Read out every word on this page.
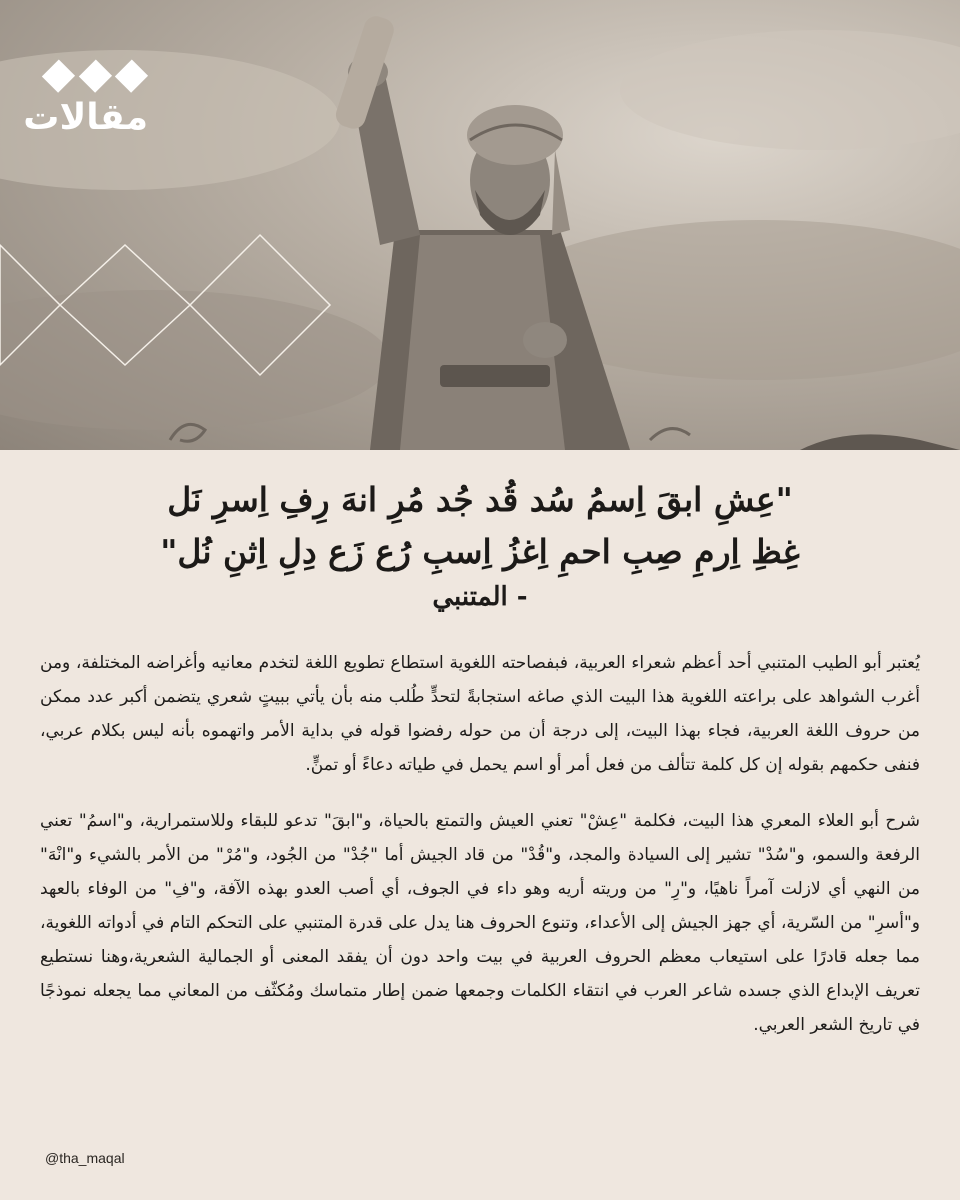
مقالات
"عِشِ ابقَ اِسمُ سُد قُد جُد مُرِ انهَ رِفِ اِسرِ نَل
غِظِ اِرمِ صِبِ احمِ اِغزُ اِسبِ رُع زَع دِلِ اِثنِ نُل"
- المتنبي

يُعتبر أبو الطيب المتنبي أحد أعظم شعراء العربية، فبفصاحته اللغوية استطاع تطويع اللغة لتخدم معانيه وأغراضه المختلفة، ومن أغرب الشواهد على براعته اللغوية هذا البيت الذي صاغه استجابةً لتحدٍّ طُلب منه بأن يأتي ببيتٍ شعري يتضمن أكبر عدد ممكن من حروف اللغة العربية، فجاء بهذا البيت، إلى درجة أن من حوله رفضوا قوله في بداية الأمر واتهموه بأنه ليس بكلام عربي، فنفى حكمهم بقوله إن كل كلمة تتألف من فعل أمر أو اسم يحمل في طياته دعاءً أو تمنٍّ.

شرح أبو العلاء المعري هذا البيت، فكلمة "عِشْ" تعني العيش والتمتع بالحياة، و"ابقَ" تدعو للبقاء وللاستمرارية، و"اسمُ" تعني الرفعة والسمو، و"سُدْ" تشير إلى السيادة والمجد، و"قُدْ" من قاد الجيش أما "جُدْ" من الجُود، و"مُرْ" من الأمر بالشيء و"انْهَ" من النهي أي لازلت آمراً ناهيًا، و"رِ" من وريته أريه وهو داء في الجوف، أي أصب العدو بهذه الآفة، و"فِ" من الوفاء بالعهد و"أسرِ" من السّرية، أي جهز الجيش إلى الأعداء، وتنوع الحروف هنا يدل على قدرة المتنبي على التحكم التام في أدواته اللغوية، مما جعله قادرًا على استيعاب معظم الحروف العربية في بيت واحد دون أن يفقد المعنى أو الجمالية الشعرية،وهنا نستطيع تعريف الإبداع الذي جسده شاعر العرب في انتقاء الكلمات وجمعها ضمن إطار متماسك ومُكثّف من المعاني مما يجعله نموذجًا في تاريخ الشعر العربي.

@tha_maqal
